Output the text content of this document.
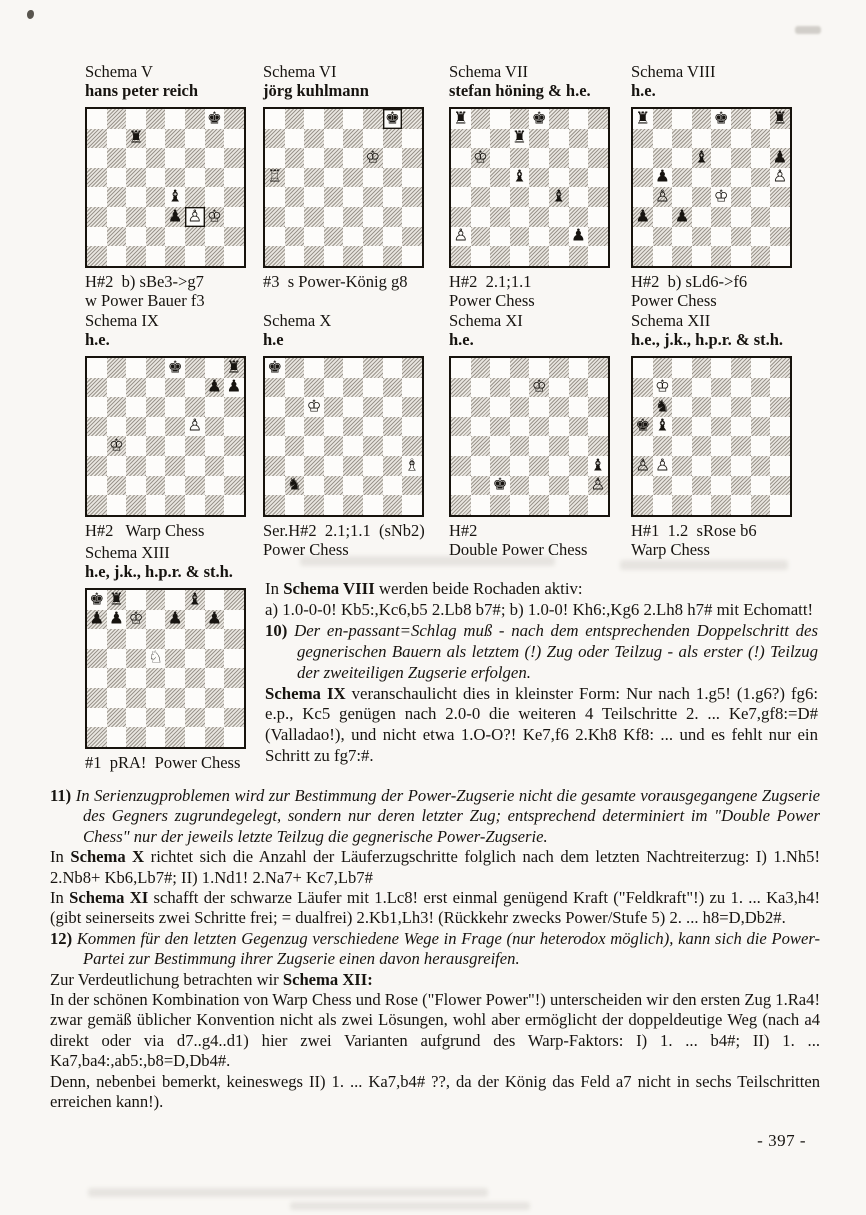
Schema V
hans peter reich
♚
♜
♝
♟ ♙ ♔
H#2  b) sBe3->g7
w Power Bauer f3
Schema VI
jörg kuhlmann
♚
♔
♖
#3  s Power-König g8
Schema VII
stefan höning & h.e.
♜	♚
♜
♔
♝
♝
♙	♟
H#2  2.1;1.1
Power Chess
Schema VIII
h.e.
♜	♚	♜
♝	♟
♟	♙
♙	♔
♟ ♟
H#2  b) sLd6->f6
Power Chess
Schema IX
h.e.
♚	♜
♟ ♟
♙
♔
H#2   Warp Chess
Schema X
h.e
♚
♔
♗
♞
Ser.H#2  2.1;1.1  (sNb2)
Power Chess
Schema XI
h.e.
♔
♝
♚	♙
H#2
Double Power Chess
Schema XII
h.e., j.k., h.p.r. & st.h.
♔
♞
♚ ♝
♙ ♙
H#1  1.2  sRose b6
Warp Chess
Schema XIII
h.e, j.k., h.p.r. & st.h.
♚ ♜	♝
♟ ♟ ♔ ♟ ♟
♘
#1  pRA!  Power Chess
In Schema VIII werden beide Rochaden aktiv:
a) 1.0-0-0! Kb5:,Kc6,b5 2.Lb8 b7#; b) 1.0-0! Kh6:,Kg6 2.Lh8 h7# mit Echomatt!
10) Der en-passant=Schlag muß - nach dem entsprechenden Doppelschritt des gegnerischen Bauern als letztem (!) Zug oder Teilzug - als erster (!) Teilzug der zweiteiligen Zugserie erfolgen.
Schema IX veranschaulicht dies in kleinster Form: Nur nach 1.g5! (1.g6?) fg6: e.p., Kc5 genügen nach 2.0-0 die weiteren 4 Teilschritte 2. ... Ke7,gf8:=D# (Valladao!), und nicht etwa 1.O-O?! Ke7,f6 2.Kh8 Kf8: ... und es fehlt nur ein Schritt zu fg7:#.
11) In Serienzugproblemen wird zur Bestimmung der Power-Zugserie nicht die gesamte vorausgegangene Zugserie des Gegners zugrundegelegt, sondern nur deren letzter Zug; entsprechend determiniert im "Double Power Chess" nur der jeweils letzte Teilzug die gegnerische Power-Zugserie.
In Schema X richtet sich die Anzahl der Läuferzugschritte folglich nach dem letzten Nachtreiterzug: I) 1.Nh5! 2.Nb8+ Kb6,Lb7#; II) 1.Nd1! 2.Na7+ Kc7,Lb7#
In Schema XI schafft der schwarze Läufer mit 1.Lc8! erst einmal genügend Kraft ("Feldkraft"!) zu 1. ... Ka3,h4! (gibt seinerseits zwei Schritte frei; = dualfrei) 2.Kb1,Lh3! (Rückkehr zwecks Power/Stufe 5) 2. ... h8=D,Db2#.
12) Kommen für den letzten Gegenzug verschiedene Wege in Frage (nur heterodox möglich), kann sich die Power-Partei zur Bestimmung ihrer Zugserie einen davon herausgreifen.
Zur Verdeutlichung betrachten wir Schema XII:
In der schönen Kombination von Warp Chess und Rose ("Flower Power"!) unterscheiden wir den ersten Zug 1.Ra4! zwar gemäß üblicher Konvention nicht als zwei Lösungen, wohl aber ermöglicht der doppeldeutige Weg (nach a4 direkt oder via d7..g4..d1) hier zwei Varianten aufgrund des Warp-Faktors: I) 1. ... b4#; II) 1. ... Ka7,ba4:,ab5:,b8=D,Db4#.
Denn, nebenbei bemerkt, keineswegs II) 1. ... Ka7,b4# ??, da der König das Feld a7 nicht in sechs Teilschritten erreichen kann!).
- 397 -
